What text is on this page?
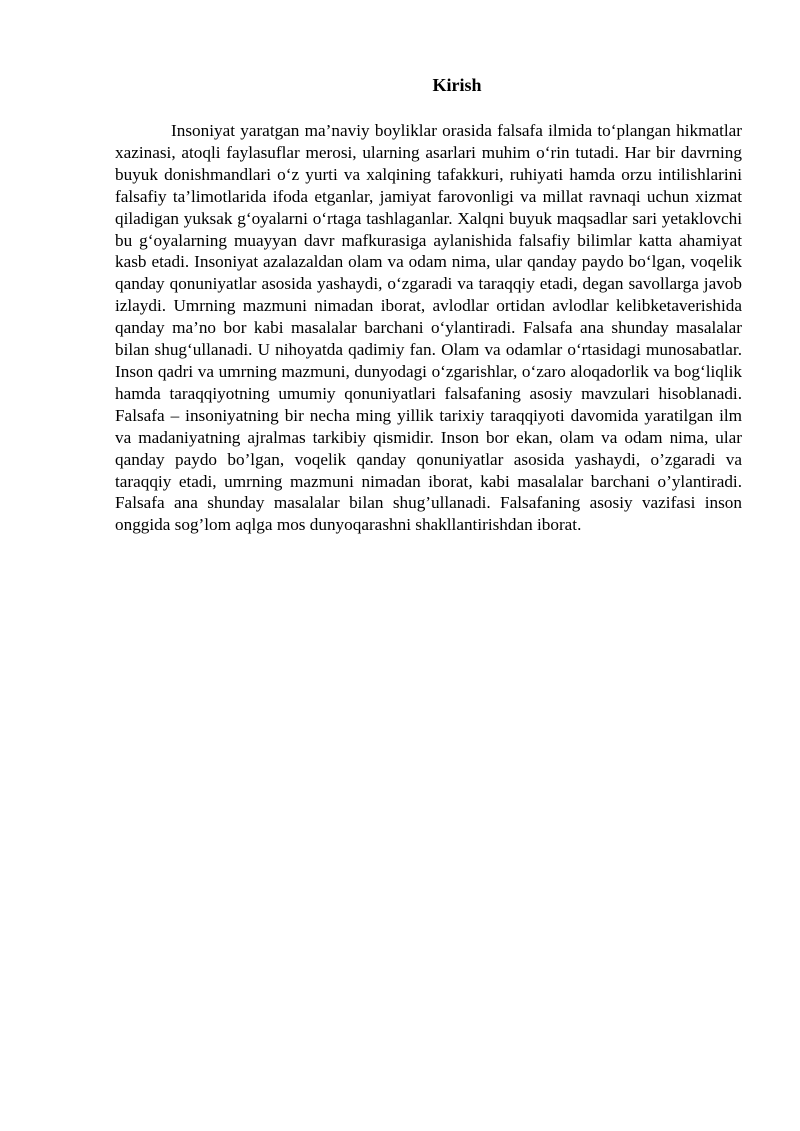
Kirish

Insoniyat yaratgan ma’naviy boyliklar orasida falsafa ilmida to‘plangan hikmatlar xazinasi, atoqli faylasuflar merosi, ularning asarlari muhim o‘rin tutadi. Har bir davrning buyuk donishmandlari o‘z yurti va xalqining tafakkuri, ruhiyati hamda orzu intilishlarini falsafiy ta’limotlarida ifoda etganlar, jamiyat farovonligi va millat ravnaqi uchun xizmat qiladigan yuksak g‘oyalarni o‘rtaga tashlaganlar. Xalqni buyuk maqsadlar sari yetaklovchi bu g‘oyalarning muayyan davr mafkurasiga aylanishida falsafiy bilimlar katta ahamiyat kasb etadi. Insoniyat azalazaldan olam va odam nima, ular qanday paydo bo‘lgan, voqelik qanday qonuniyatlar asosida yashaydi, o‘zgaradi va taraqqiy etadi, degan savollarga javob izlaydi. Umrning mazmuni nimadan iborat, avlodlar ortidan avlodlar kelibketaverishida qanday ma’no bor kabi masalalar barchani o‘ylantiradi. Falsafa ana shunday masalalar bilan shug‘ullanadi. U nihoyatda qadimiy fan. Olam va odamlar o‘rtasidagi munosabatlar. Inson qadri va umrning mazmuni, dunyodagi o‘zgarishlar, o‘zaro aloqadorlik va bog‘liqlik hamda taraqqiyotning umumiy qonuniyatlari falsafaning asosiy mavzulari hisoblanadi. Falsafa – insoniyatning bir necha ming yillik tarixiy taraqqiyoti davomida yaratilgan ilm va madaniyatning ajralmas tarkibiy qismidir. Inson bor ekan, olam va odam nima, ular qanday paydo bo’lgan, voqelik qanday qonuniyatlar asosida yashaydi, o’zgaradi va taraqqiy etadi, umrning mazmuni nimadan iborat, kabi masalalar barchani o’ylantiradi. Falsafa ana shunday masalalar bilan shug’ullanadi. Falsafaning asosiy vazifasi inson onggida sog’lom aqlga mos dunyoqarashni shakllantirishdan iborat.
